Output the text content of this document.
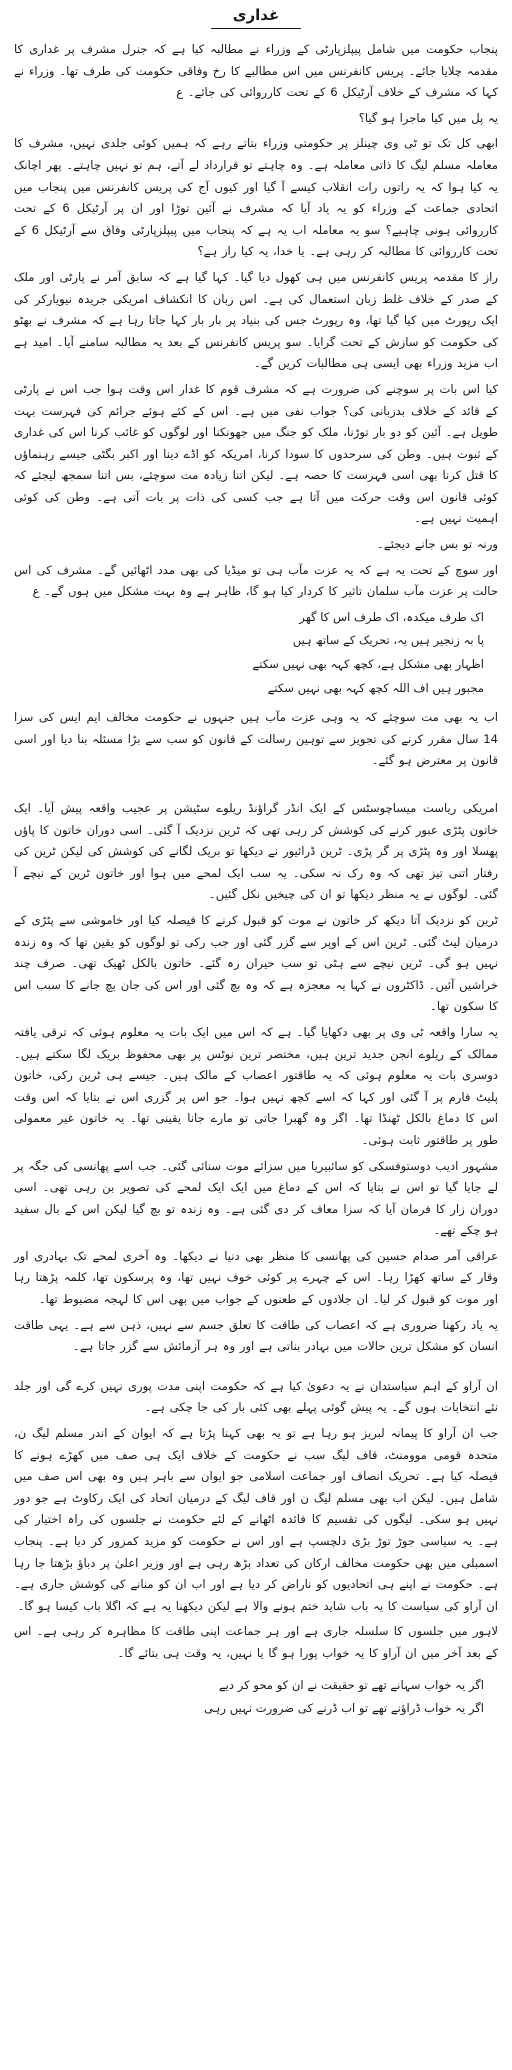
غداری

پنجاب حکومت میں شامل پیپلزپارٹی کے وزراء نے مطالبہ کیا ہے کہ جنرل مشرف پر غداری کا مقدمہ چلایا جائے۔ پریس کانفرنس میں اس مطالبے کا رخ وفاقی حکومت کی طرف تھا۔ وزراء نے کہا کہ مشرف کے خلاف آرٹیکل 6 کے تحت کارروائی کی جائے۔ ع

یہ پل میں کیا ماجرا ہو گیا؟

ابھی کل تک تو ٹی وی چینلز پر حکومتی وزراء بتاتے رہے کہ ہمیں کوئی جلدی نہیں، مشرف کا معاملہ مسلم لیگ کا ذاتی معاملہ ہے۔ وہ چاہتے تو قرارداد لے آتے، ہم تو نہیں چاہتے۔ پھر اچانک یہ کیا ہوا کہ یہ راتوں رات انقلاب کیسے آ گیا اور کیوں آج کی پریس کانفرنس میں پنجاب میں اتحادی جماعت کے وزراء کو یہ یاد آیا کہ مشرف نے آئین توڑا اور ان پر آرٹیکل 6 کے تحت کارروائی ہونی چاہیے؟ سو یہ معاملہ اب یہ ہے کہ پنجاب میں پیپلزپارٹی وفاق سے آرٹیکل 6 کے تحت کارروائی کا مطالبہ کر رہی ہے۔ یا خدا، یہ کیا راز ہے؟

راز کا مقدمہ پریس کانفرنس میں ہی کھول دیا گیا۔ کہا گیا ہے کہ سابق آمر نے پارٹی اور ملک کے صدر کے خلاف غلط زبان استعمال کی ہے۔ اس زبان کا انکشاف امریکی جریدہ نیویارکر کی ایک رپورٹ میں کیا گیا تھا، وہ رپورٹ جس کی بنیاد پر بار بار کہا جاتا رہا ہے کہ مشرف نے بھٹو کی حکومت کو سازش کے تحت گرایا۔ سو پریس کانفرنس کے بعد یہ مطالبہ سامنے آیا۔ امید ہے اب مزید وزراء بھی ایسی ہی مطالبات کریں گے۔

کیا اس بات پر سوچنے کی ضرورت ہے کہ مشرف قوم کا غدار اس وقت ہوا جب اس نے پارٹی کے قائد کے خلاف بدزبانی کی؟ جواب نفی میں ہے۔ اس کے کئے ہوئے جرائم کی فہرست بہت طویل ہے۔ آئین کو دو بار توڑنا، ملک کو جنگ میں جھونکنا اور لوگوں کو غائب کرنا اس کی غداری کے ثبوت ہیں۔ وطن کی سرحدوں کا سودا کرنا، امریکہ کو اڈے دینا اور اکبر بگٹی جیسے رہنماؤں کا قتل کرنا بھی اسی فہرست کا حصہ ہے۔ لیکن اتنا زیادہ مت سوچئے، بس اتنا سمجھ لیجئے کہ کوئی قانون اس وقت حرکت میں آتا ہے جب کسی کی ذات پر بات آتی ہے۔ وطن کی کوئی اہمیت نہیں ہے۔

ورنہ تو بس جانے دیجئے۔

اور سوچ کے تحت یہ ہے کہ یہ عزت مآب ہی تو میڈیا کی بھی مدد اٹھائیں گے۔ مشرف کی اس حالت پر عزت مآب سلمان تاثیر کا کردار کیا ہو گا، ظاہر ہے وہ بہت مشکل میں ہوں گے۔ ع

اک طرف میکدہ، اک طرف اس کا گھر
پا بہ زنجیر ہیں یہ، تحریک کے ساتھ ہیں
اظہار بھی مشکل ہے، کچھ کہہ بھی نہیں سکتے
مجبور ہیں اف اللہ کچھ کہہ بھی نہیں سکتے

اب یہ بھی مت سوچئے کہ یہ وہی عزت مآب ہیں جنہوں نے حکومت مخالف ایم ایس کی سزا 14 سال مقرر کرنے کی تجویز سے توہین رسالت کے قانون کو سب سے بڑا مسئلہ بنا دیا اور اسی قانون پر معترض ہو گئے۔

امریکی ریاست میساچوسٹس کے ایک انڈر گراؤنڈ ریلوے سٹیشن پر عجیب واقعہ پیش آیا۔ ایک خاتون پٹڑی عبور کرنے کی کوشش کر رہی تھی کہ ٹرین نزدیک آ گئی۔ اسی دوران خاتون کا پاؤں پھسلا اور وہ پٹڑی پر گر پڑی۔ ٹرین ڈرائیور نے دیکھا تو بریک لگانے کی کوشش کی لیکن ٹرین کی رفتار اتنی تیز تھی کہ وہ رک نہ سکی۔ یہ سب ایک لمحے میں ہوا اور خاتون ٹرین کے نیچے آ گئی۔ لوگوں نے یہ منظر دیکھا تو ان کی چیخیں نکل گئیں۔

ٹرین کو نزدیک آتا دیکھ کر خاتون نے موت کو قبول کرنے کا فیصلہ کیا اور خاموشی سے پٹڑی کے درمیان لیٹ گئی۔ ٹرین اس کے اوپر سے گزر گئی اور جب رکی تو لوگوں کو یقین تھا کہ وہ زندہ نہیں ہو گی۔ ٹرین نیچے سے ہٹی تو سب حیران رہ گئے۔ خاتون بالکل ٹھیک تھی۔ صرف چند خراشیں آئیں۔ ڈاکٹروں نے کہا یہ معجزہ ہے کہ وہ بچ گئی اور اس کی جان بچ جانے کا سبب اس کا سکون تھا۔

یہ سارا واقعہ ٹی وی پر بھی دکھایا گیا۔ ہے کہ اس میں ایک بات یہ معلوم ہوئی کہ ترقی یافتہ ممالک کے ریلوے انجن جدید ترین ہیں، مختصر ترین نوٹس پر بھی محفوظ بریک لگا سکتے ہیں۔ دوسری بات یہ معلوم ہوئی کہ یہ طاقتور اعصاب کے مالک ہیں۔ جیسے ہی ٹرین رکی، خاتون پلیٹ فارم پر آ گئی اور کہا کہ اسے کچھ نہیں ہوا۔ جو اس پر گزری اس نے بتایا کہ اس وقت اس کا دماغ بالکل ٹھنڈا تھا۔ اگر وہ گھبرا جاتی تو مارے جانا یقینی تھا۔ یہ خاتون غیر معمولی طور پر طاقتور ثابت ہوئی۔

مشہور ادیب دوستوفسکی کو سائبیریا میں سزائے موت سنائی گئی۔ جب اسے پھانسی کی جگہ پر لے جایا گیا تو اس نے بتایا کہ اس کے دماغ میں ایک ایک لمحے کی تصویر بن رہی تھی۔ اسی دوران زار کا فرمان آیا کہ سزا معاف کر دی گئی ہے۔ وہ زندہ تو بچ گیا لیکن اس کے بال سفید ہو چکے تھے۔

عراقی آمر صدام حسین کی پھانسی کا منظر بھی دنیا نے دیکھا۔ وہ آخری لمحے تک بہادری اور وقار کے ساتھ کھڑا رہا۔ اس کے چہرے پر کوئی خوف نہیں تھا، وہ پرسکون تھا، کلمہ پڑھتا رہا اور موت کو قبول کر لیا۔ ان جلادوں کے طعنوں کے جواب میں بھی اس کا لہجہ مضبوط تھا۔

یہ یاد رکھنا ضروری ہے کہ اعصاب کی طاقت کا تعلق جسم سے نہیں، ذہن سے ہے۔ یہی طاقت انسان کو مشکل ترین حالات میں بہادر بناتی ہے اور وہ ہر آزمائش سے گزر جاتا ہے۔

ان آراو کے اہم سیاستدان نے یہ دعویٰ کیا ہے کہ حکومت اپنی مدت پوری نہیں کرے گی اور جلد نئے انتخابات ہوں گے۔ یہ پیش گوئی پہلے بھی کئی بار کی جا چکی ہے۔

جب ان آراو کا پیمانہ لبریز ہو رہا ہے تو یہ بھی کہنا پڑتا ہے کہ ایوان کے اندر مسلم لیگ ن، متحدہ قومی موومنٹ، قاف لیگ سب نے حکومت کے خلاف ایک ہی صف میں کھڑے ہونے کا فیصلہ کیا ہے۔ تحریک انصاف اور جماعت اسلامی جو ایوان سے باہر ہیں وہ بھی اس صف میں شامل ہیں۔ لیکن اب بھی مسلم لیگ ن اور قاف لیگ کے درمیان اتحاد کی ایک رکاوٹ ہے جو دور نہیں ہو سکی۔ لیگوں کی تقسیم کا فائدہ اٹھانے کے لئے حکومت نے جلسوں کی راہ اختیار کی ہے۔ یہ سیاسی جوڑ توڑ بڑی دلچسپ ہے اور اس نے حکومت کو مزید کمزور کر دیا ہے۔ پنجاب اسمبلی میں بھی حکومت مخالف ارکان کی تعداد بڑھ رہی ہے اور وزیر اعلیٰ پر دباؤ بڑھتا جا رہا ہے۔ حکومت نے اپنے ہی اتحادیوں کو ناراض کر دیا ہے اور اب ان کو منانے کی کوشش جاری ہے۔ ان آراو کی سیاست کا یہ باب شاید ختم ہونے والا ہے لیکن دیکھنا یہ ہے کہ اگلا باب کیسا ہو گا۔

لاہور میں جلسوں کا سلسلہ جاری ہے اور ہر جماعت اپنی طاقت کا مظاہرہ کر رہی ہے۔ اس کے بعد آخر میں ان آراو کا یہ خواب پورا ہو گا یا نہیں، یہ وقت ہی بتائے گا۔

اگر یہ خواب سہانے تھے تو حقیقت نے ان کو محو کر دیے
اگر یہ خواب ڈراؤنے تھے تو اب ڈرنے کی ضرورت نہیں رہی
